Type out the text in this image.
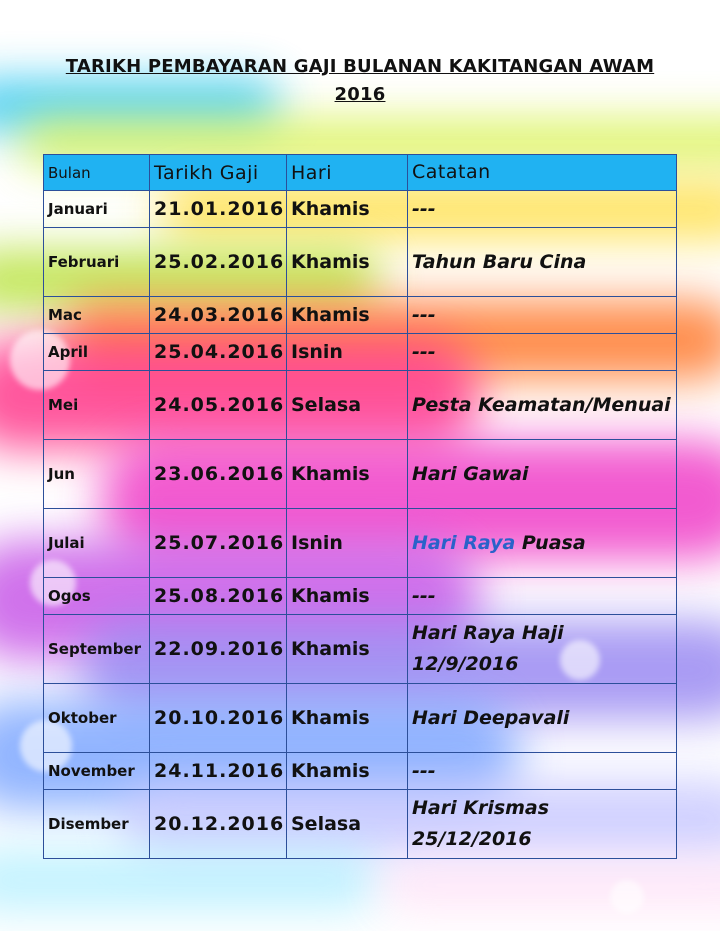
TARIKH PEMBAYARAN GAJI BULANAN KAKITANGAN AWAM
2016
Bulan	Tarikh Gaji	Hari	Catatan
Januari	21.01.2016	Khamis	---
Februari	25.02.2016	Khamis	Tahun Baru Cina
Mac	24.03.2016	Khamis	---
April	25.04.2016	Isnin	---
Mei	24.05.2016	Selasa	Pesta Keamatan/Menuai
Jun	23.06.2016	Khamis	Hari Gawai
Julai	25.07.2016	Isnin	Hari Raya Puasa
Ogos	25.08.2016	Khamis	---
September	22.09.2016	Khamis	Hari Raya Haji
12/9/2016

Oktober	20.10.2016	Khamis	Hari Deepavali
November	24.11.2016	Khamis	---
Disember	20.12.2016	Selasa	Hari Krismas
25/12/2016
